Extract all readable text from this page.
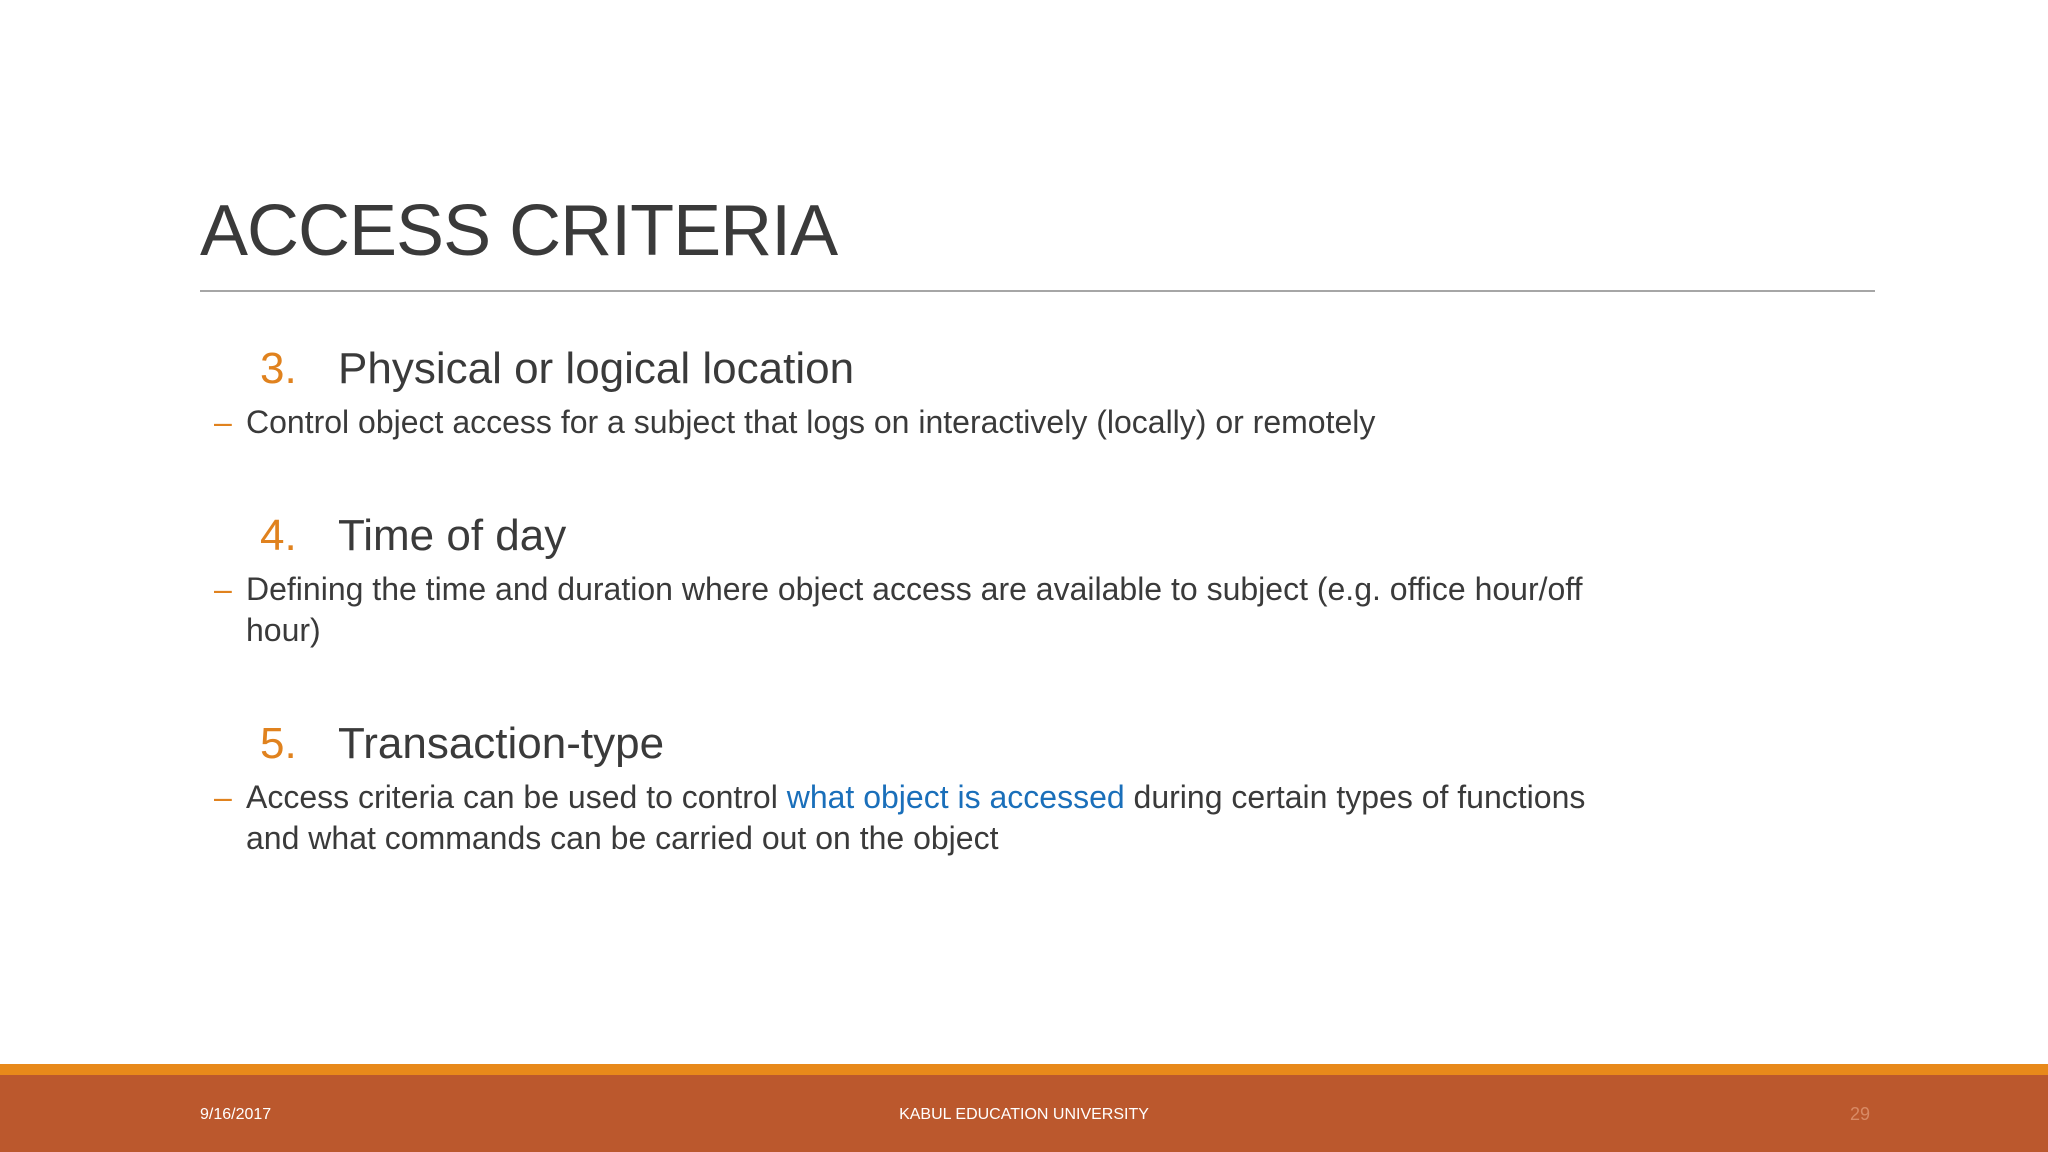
ACCESS CRITERIA
3. Physical or logical location
– Control object access for a subject that logs on interactively (locally) or remotely
4. Time of day
– Defining the time and duration where object access are available to subject (e.g. office hour/off hour)
5. Transaction-type
– Access criteria can be used to control what object is accessed during certain types of functions and what commands can be carried out on the object
9/16/2017	KABUL EDUCATION UNIVERSITY	29
